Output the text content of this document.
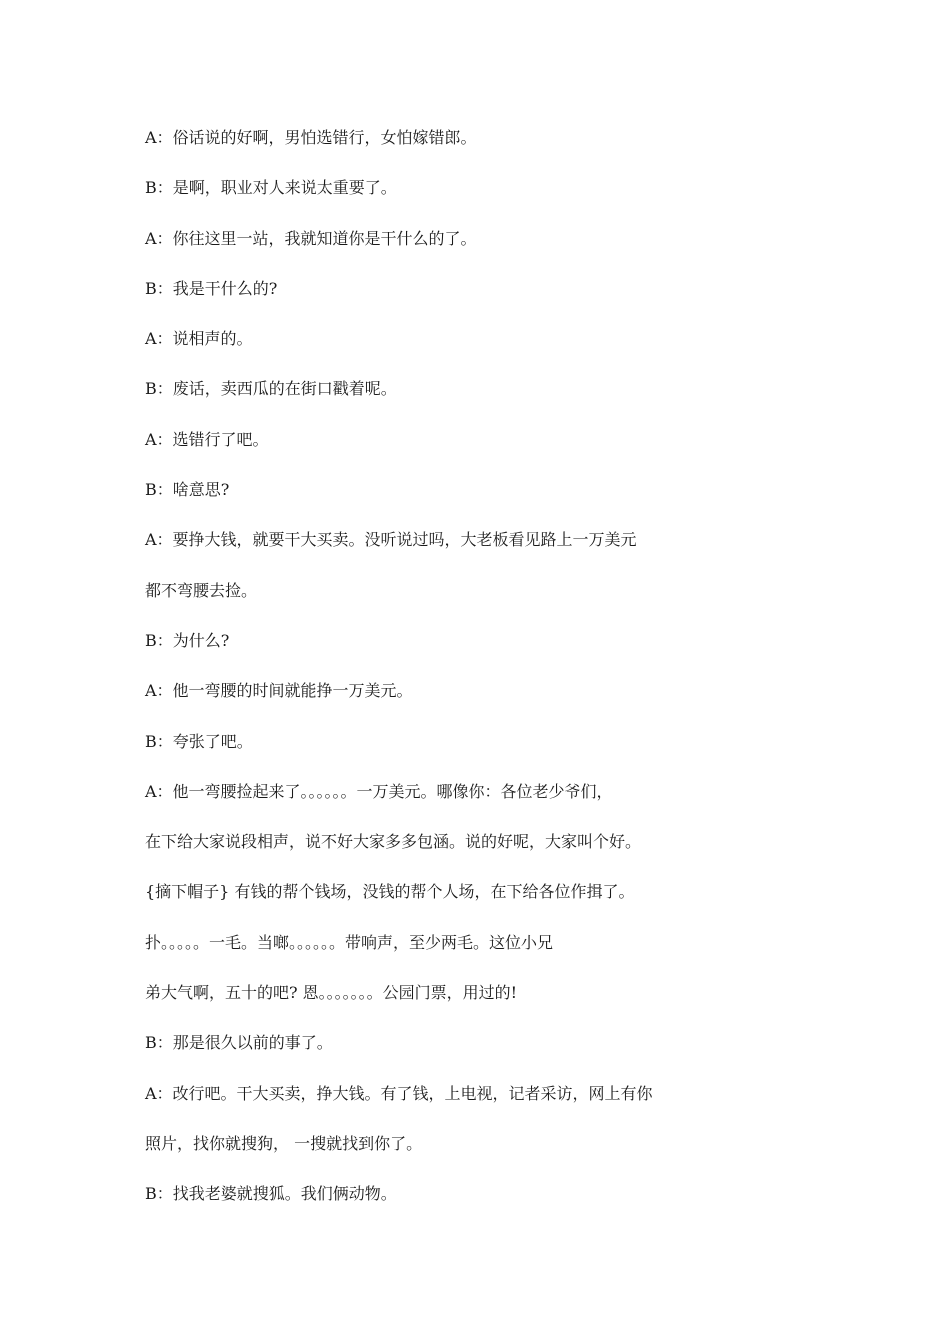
A：俗话说的好啊，男怕选错行，女怕嫁错郎。
B：是啊，职业对人来说太重要了。
A：你往这里一站，我就知道你是干什么的了。
B：我是干什么的?
A：说相声的。
B：废话，卖西瓜的在街口戳着呢。
A：选错行了吧。
B：啥意思?
A：要挣大钱，就要干大买卖。没听说过吗，大老板看见路上一万美元
都不弯腰去捡。
B：为什么?
A：他一弯腰的时间就能挣一万美元。
B：夸张了吧。
A：他一弯腰捡起来了。。。。。。一万美元。哪像你：各位老少爷们，
在下给大家说段相声，说不好大家多多包涵。说的好呢，大家叫个好。
{摘下帽子} 有钱的帮个钱场，没钱的帮个人场，在下给各位作揖了。
扑。。。。。一毛。当啷。。。。。。带响声，至少两毛。这位小兄
弟大气啊，五十的吧? 恩。。。。。。。公园门票，用过的!
B：那是很久以前的事了。
A：改行吧。干大买卖，挣大钱。有了钱，上电视，记者采访，网上有你
照片，找你就搜狗， 一搜就找到你了。
B：找我老婆就搜狐。我们俩动物。
